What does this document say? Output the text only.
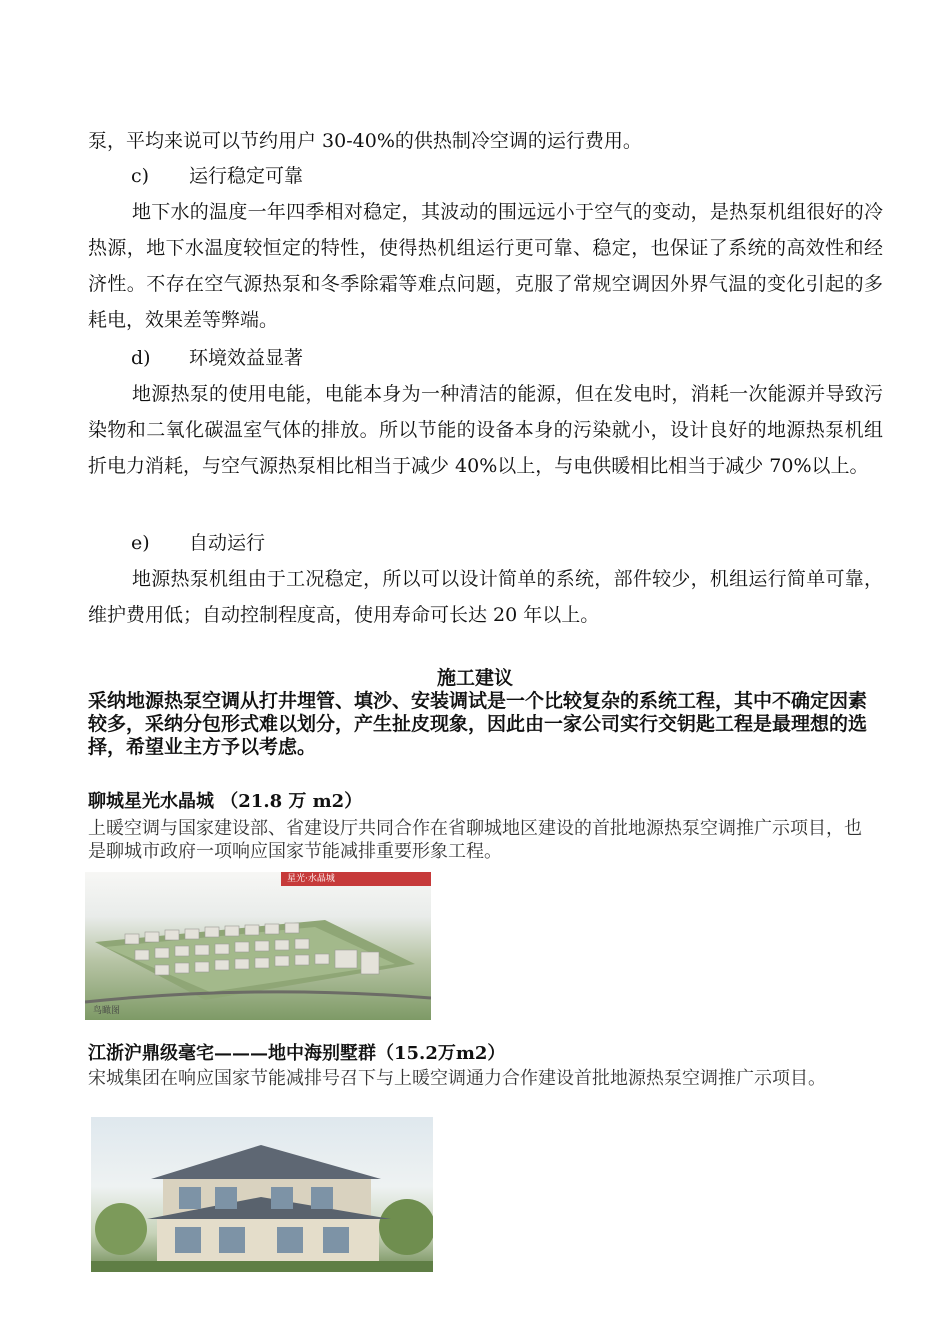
泵，平均来说可以节约用户 30-40%的供热制冷空调的运行费用。
c) 运行稳定可靠
地下水的温度一年四季相对稳定，其波动的围远远小于空气的变动，是热泵机组很好的冷热源，地下水温度较恒定的特性，使得热机组运行更可靠、稳定，也保证了系统的高效性和经济性。不存在空气源热泵和冬季除霜等难点问题，克服了常规空调因外界气温的变化引起的多耗电，效果差等弊端。
d) 环境效益显著
地源热泵的使用电能，电能本身为一种清洁的能源，但在发电时，消耗一次能源并导致污染物和二氧化碳温室气体的排放。所以节能的设备本身的污染就小，设计良好的地源热泵机组折电力消耗，与空气源热泵相比相当于减少 40%以上，与电供暖相比相当于减少 70%以上。
e) 自动运行
地源热泵机组由于工况稳定，所以可以设计简单的系统，部件较少，机组运行简单可靠，维护费用低；自动控制程度高，使用寿命可长达 20 年以上。
施工建议
采纳地源热泵空调从打井埋管、填沙、安装调试是一个比较复杂的系统工程，其中不确定因素较多，采纳分包形式难以划分，产生扯皮现象，因此由一家公司实行交钥匙工程是最理想的选择，希望业主方予以考虑。
聊城星光水晶城 （21.8 万 m2）
上暖空调与国家建设部、省建设厅共同合作在省聊城地区建设的首批地源热泵空调推广示项目，也是聊城市政府一项响应国家节能减排重要形象工程。
星光·水晶城
鸟瞰图
江浙沪鼎级毫宅———地中海别墅群（15.2万m2）
宋城集团在响应国家节能减排号召下与上暖空调通力合作建设首批地源热泵空调推广示项目。
